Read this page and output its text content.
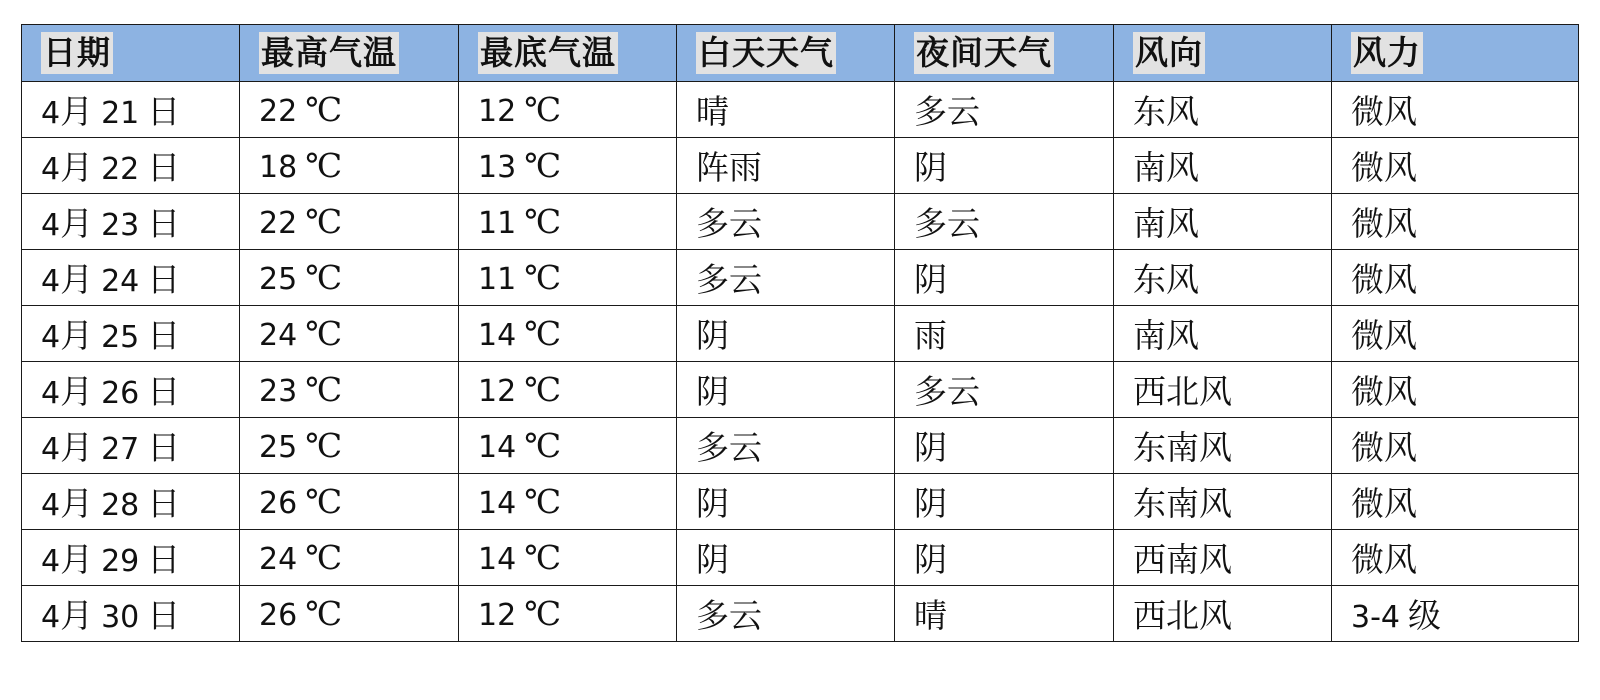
日期	最高气温	最底气温	白天天气	夜间天气	风向	风力
4月 21 日	22 ℃	12 ℃	晴	多云	东风	微风
4月 22 日	18 ℃	13 ℃	阵雨	阴	南风	微风
4月 23 日	22 ℃	11 ℃	多云	多云	南风	微风
4月 24 日	25 ℃	11 ℃	多云	阴	东风	微风
4月 25 日	24 ℃	14 ℃	阴	雨	南风	微风
4月 26 日	23 ℃	12 ℃	阴	多云	西北风	微风
4月 27 日	25 ℃	14 ℃	多云	阴	东南风	微风
4月 28 日	26 ℃	14 ℃	阴	阴	东南风	微风
4月 29 日	24 ℃	14 ℃	阴	阴	西南风	微风
4月 30 日	26 ℃	12 ℃	多云	晴	西北风	3-4 级
